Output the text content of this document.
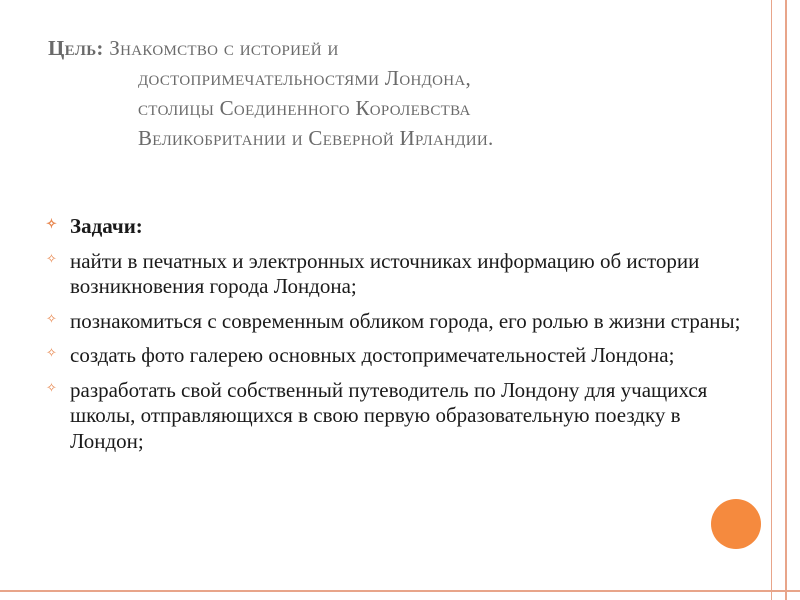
Цель: Знакомство с историей и
достопримечательностями Лондона,
столицы Соединенного Королевства
Великобритании и Северной Ирландии.
✧ Задачи:
✧ найти в печатных и электронных источниках информацию об истории возникновения города Лондона;
✧ познакомиться с современным обликом города, его ролью в жизни страны;
✧ создать фото галерею основных достопримечательностей Лондона;
✧ разработать свой собственный путеводитель по Лондону для учащихся школы, отправляющихся в свою первую образовательную поездку в Лондон;
